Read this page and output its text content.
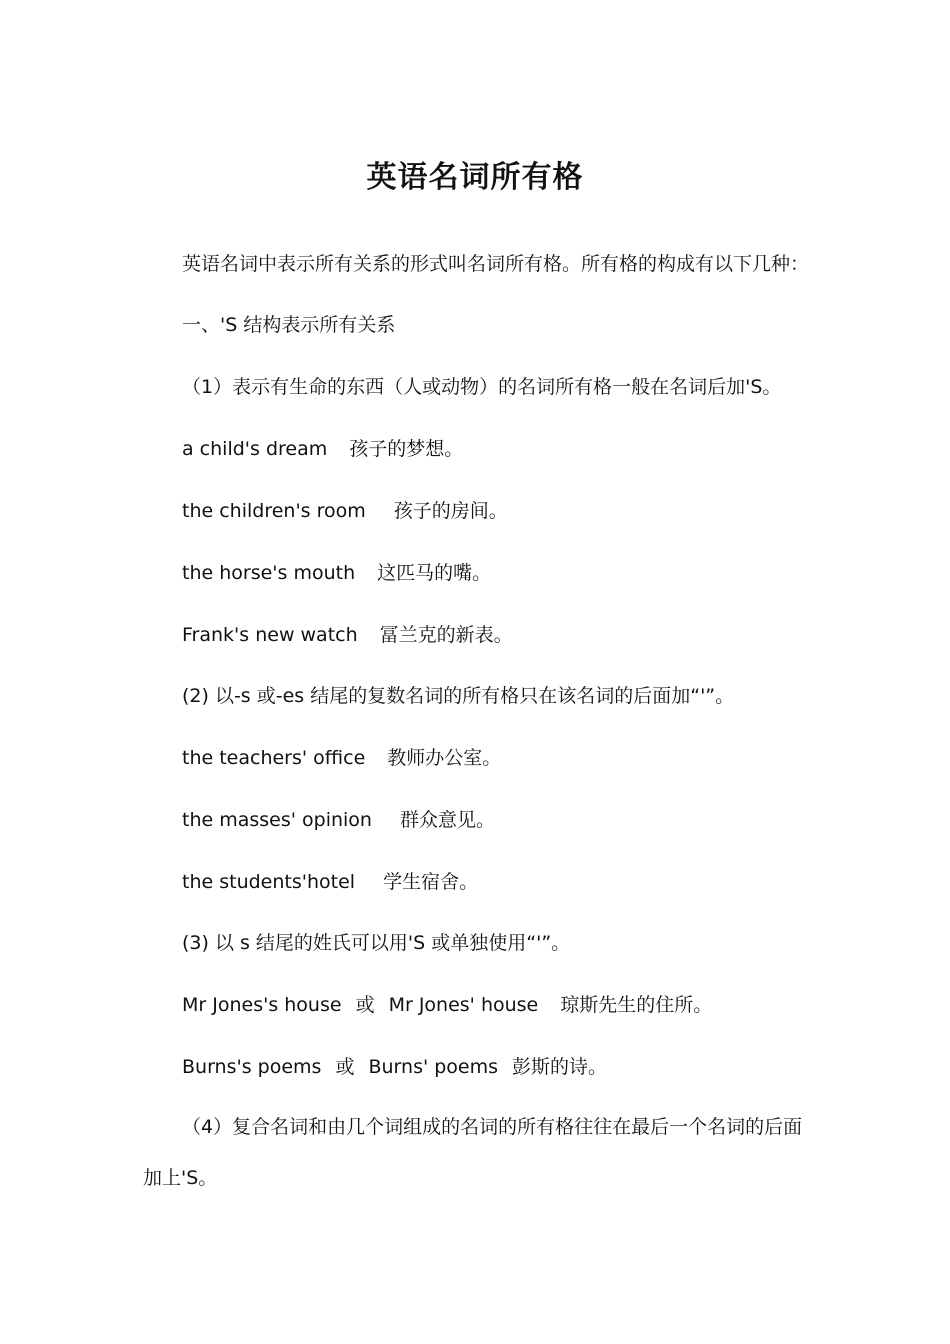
英语名词所有格
英语名词中表示所有关系的形式叫名词所有格。所有格的构成有以下几种：
一、'S 结构表示所有关系
（1）表示有生命的东西（人或动物）的名词所有格一般在名词后加'S。
a child's dream 孩子的梦想。
the children's room 孩子的房间。
the horse's mouth 这匹马的嘴。
Frank's new watch 冨兰克的新表。
(2) 以-s 或-es 结尾的复数名词的所有格只在该名词的后面加“'”。
the teachers' office 教师办公室。
the masses' opinion 群众意见。
the students'hotel 学生宿舍。
(3) 以 s 结尾的姓氏可以用'S 或单独使用“'”。
Mr Jones's house 或 Mr Jones' house 琼斯先生的住所。
Burns's poems 或 Burns' poems 彭斯的诗。
（4）复合名词和由几个词组成的名词的所有格往往在最后一个名词的后面
加上'S。
